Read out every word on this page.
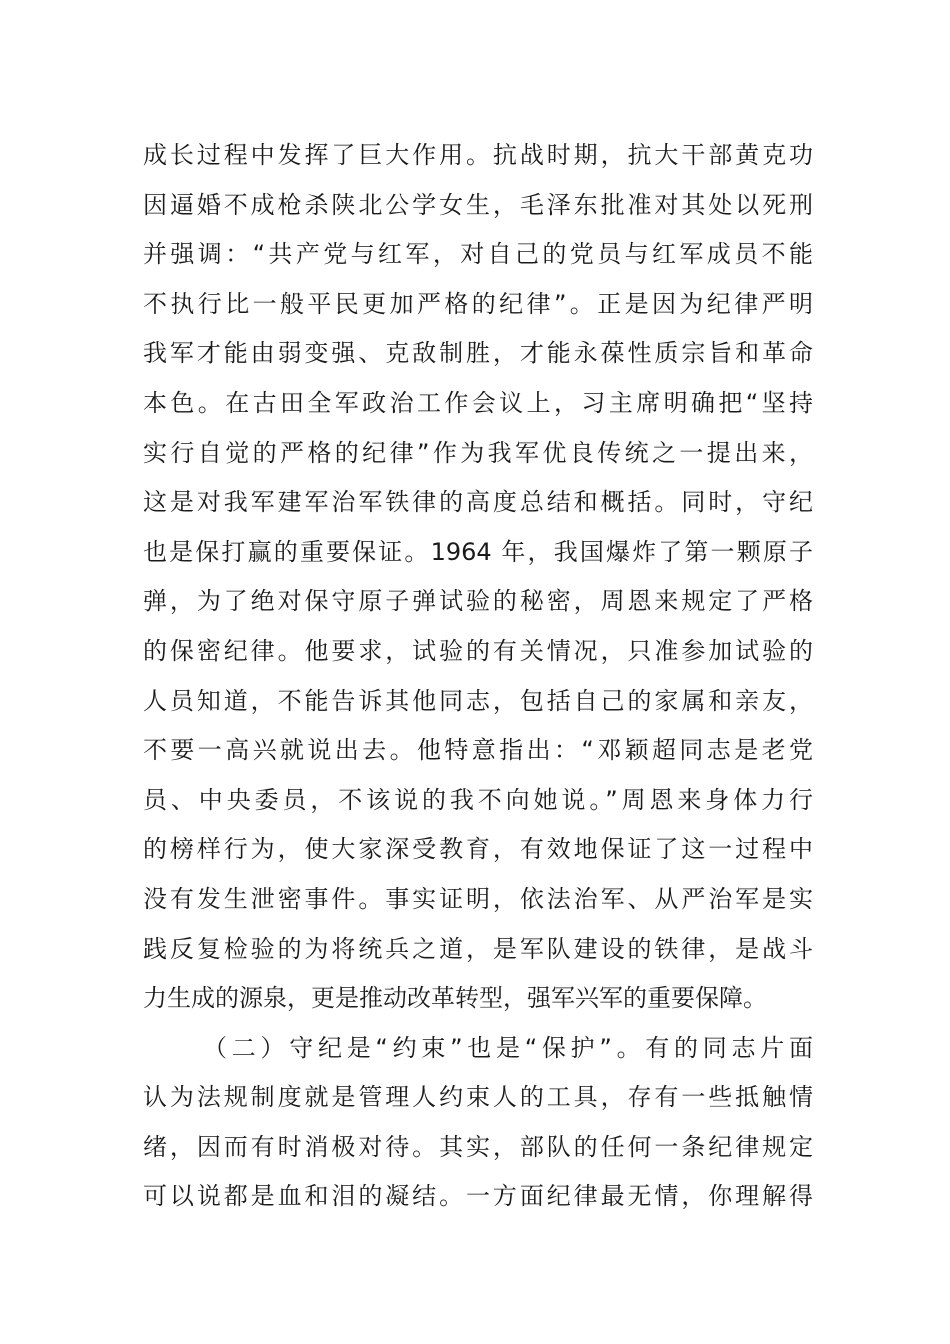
成长过程中发挥了巨大作用。抗战时期，抗大干部黄克功
因逼婚不成枪杀陕北公学女生，毛泽东批准对其处以死刑
并强调：“共产党与红军，对自己的党员与红军成员不能
不执行比一般平民更加严格的纪律”。正是因为纪律严明
我军才能由弱变强、克敌制胜，才能永葆性质宗旨和革命
本色。在古田全军政治工作会议上，习主席明确把“坚持
实行自觉的严格的纪律”作为我军优良传统之一提出来，
这是对我军建军治军铁律的高度总结和概括。同时，守纪
也是保打赢的重要保证。1964 年，我国爆炸了第一颗原子
弹，为了绝对保守原子弹试验的秘密，周恩来规定了严格
的保密纪律。他要求，试验的有关情况，只准参加试验的
人员知道，不能告诉其他同志，包括自己的家属和亲友，
不要一高兴就说出去。他特意指出：“邓颖超同志是老党
员、中央委员，不该说的我不向她说。”周恩来身体力行
的榜样行为，使大家深受教育，有效地保证了这一过程中
没有发生泄密事件。事实证明，依法治军、从严治军是实
践反复检验的为将统兵之道，是军队建设的铁律，是战斗
力生成的源泉，更是推动改革转型，强军兴军的重要保障。
（二）守纪是“约束”也是“保护”。有的同志片面
认为法规制度就是管理人约束人的工具，存有一些抵触情
绪，因而有时消极对待。其实，部队的任何一条纪律规定
可以说都是血和泪的凝结。一方面纪律最无情，你理解得
